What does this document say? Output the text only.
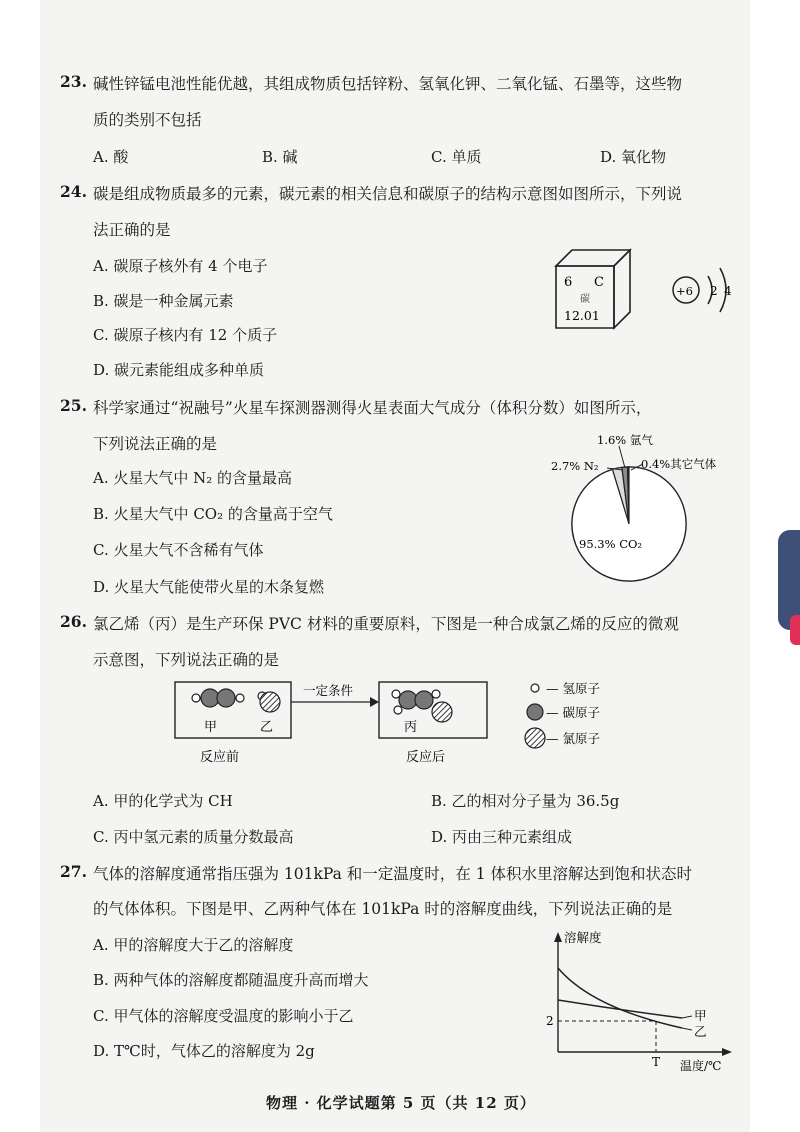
23. 碱性锌锰电池性能优越，其组成物质包括锌粉、氢氧化钾、二氧化锰、石墨等，这些物
质的类别不包括
A. 酸	B. 碱	C. 单质	D. 氧化物
24. 碳是组成物质最多的元素，碳元素的相关信息和碳原子的结构示意图如图所示，下列说
法正确的是
A. 碳原子核外有 4 个电子
B. 碳是一种金属元素
C. 碳原子核内有 12 个质子
D. 碳元素能组成多种单质
6 C
碳
12.01
+6 2 4
25. 科学家通过“祝融号”火星车探测器测得火星表面大气成分（体积分数）如图所示，
下列说法正确的是
A. 火星大气中 N₂ 的含量最高
B. 火星大气中 CO₂ 的含量高于空气
C. 火星大气不含稀有气体
D. 火星大气能使带火星的木条复燃
1.6% 氩气
2.7% N₂	0.4%其它气体
95.3% CO₂
26. 氯乙烯（丙）是生产环保 PVC 材料的重要原料，下图是一种合成氯乙烯的反应的微观
示意图，下列说法正确的是
甲	乙
反应前
一定条件
丙
反应后
— 氢原子
— 碳原子
— 氯原子
A. 甲的化学式为 CH	B. 乙的相对分子量为 36.5g
C. 丙中氢元素的质量分数最高	D. 丙由三种元素组成
27. 气体的溶解度通常指压强为 101kPa 和一定温度时，在 1 体积水里溶解达到饱和状态时
的气体体积。下图是甲、乙两种气体在 101kPa 时的溶解度曲线，下列说法正确的是
A. 甲的溶解度大于乙的溶解度
B. 两种气体的溶解度都随温度升高而增大
C. 甲气体的溶解度受温度的影响小于乙
D. T℃时，气体乙的溶解度为 2g
溶解度
温度/℃
2
T
甲
乙
物理 · 化学试题第 5 页（共 12 页）
